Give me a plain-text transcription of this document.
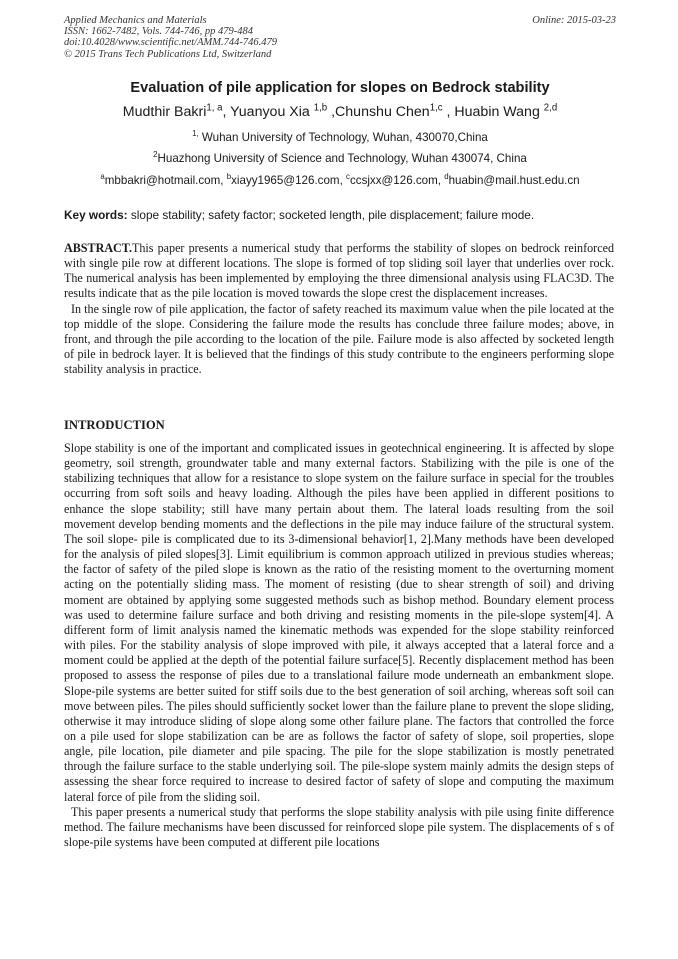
Applied Mechanics and Materials
ISSN: 1662-7482, Vols. 744-746, pp 479-484
doi:10.4028/www.scientific.net/AMM.744-746.479
© 2015 Trans Tech Publications Ltd, Switzerland
Online: 2015-03-23
Evaluation of pile application for slopes on Bedrock stability
Mudthir Bakri$^{1, a}$, Yuanyou Xia $^{1,b}$ ,Chunshu Chen$^{1,c}$ , Huabin Wang $^{2,d}$
$^{1,}$ Wuhan University of Technology, Wuhan, 430070,China
$^2$Huazhong University of Science and Technology, Wuhan 430074, China
$^a$mbbakri@hotmail.com, $^b$xiayy1965@126.com, $^c$ccsjxx@126.com, $^d$huabin@mail.hust.edu.cn
Key words: slope stability; safety factor; socketed length, pile displacement; failure mode.

ABSTRACT.This paper presents a numerical study that performs the stability of slopes on bedrock reinforced with single pile row at different locations. The slope is formed of top sliding soil layer that underlies over rock. The numerical analysis has been implemented by employing the three dimensional analysis using FLAC3D. The results indicate that as the pile location is moved towards the slope crest the displacement increases.

In the single row of pile application, the factor of safety reached its maximum value when the pile located at the top middle of the slope. Considering the failure mode the results has conclude three failure modes; above, in front, and through the pile according to the location of the pile. Failure mode is also affected by socketed length of pile in bedrock layer. It is believed that the findings of this study contribute to the engineers performing slope stability analysis in practice.

INTRODUCTION

Slope stability is one of the important and complicated issues in geotechnical engineering. It is affected by slope geometry, soil strength, groundwater table and many external factors. Stabilizing with the pile is one of the stabilizing techniques that allow for a resistance to slope system on the failure surface in special for the troubles occurring from soft soils and heavy loading. Although the piles have been applied in different positions to enhance the slope stability; still have many pertain about them. The lateral loads resulting from the soil movement develop bending moments and the deflections in the pile may induce failure of the structural system. The soil slope- pile is complicated due to its 3-dimensional behavior[1, 2].Many methods have been developed for the analysis of piled slopes[3]. Limit equilibrium is common approach utilized in previous studies whereas; the factor of safety of the piled slope is known as the ratio of the resisting moment to the overturning moment acting on the potentially sliding mass. The moment of resisting (due to shear strength of soil) and driving moment are obtained by applying some suggested methods such as bishop method. Boundary element process was used to determine failure surface and both driving and resisting moments in the pile-slope system[4]. A different form of limit analysis named the kinematic methods was expended for the slope stability reinforced with piles. For the stability analysis of slope improved with pile, it always accepted that a lateral force and a moment could be applied at the depth of the potential failure surface[5]. Recently displacement method has been proposed to assess the response of piles due to a translational failure mode underneath an embankment slope. Slope-pile systems are better suited for stiff soils due to the best generation of soil arching, whereas soft soil can move between piles. The piles should sufficiently socket lower than the failure plane to prevent the slope sliding, otherwise it may introduce sliding of slope along some other failure plane. The factors that controlled the force on a pile used for slope stabilization can be are as follows the factor of safety of slope, soil properties, slope angle, pile location, pile diameter and pile spacing. The pile for the slope stabilization is mostly penetrated through the failure surface to the stable underlying soil. The pile-slope system mainly admits the design steps of assessing the shear force required to increase to desired factor of safety of slope and computing the maximum lateral force of pile from the sliding soil.

This paper presents a numerical study that performs the slope stability analysis with pile using finite difference method. The failure mechanisms have been discussed for reinforced slope pile system. The displacements of s of slope-pile systems have been computed at different pile locations
